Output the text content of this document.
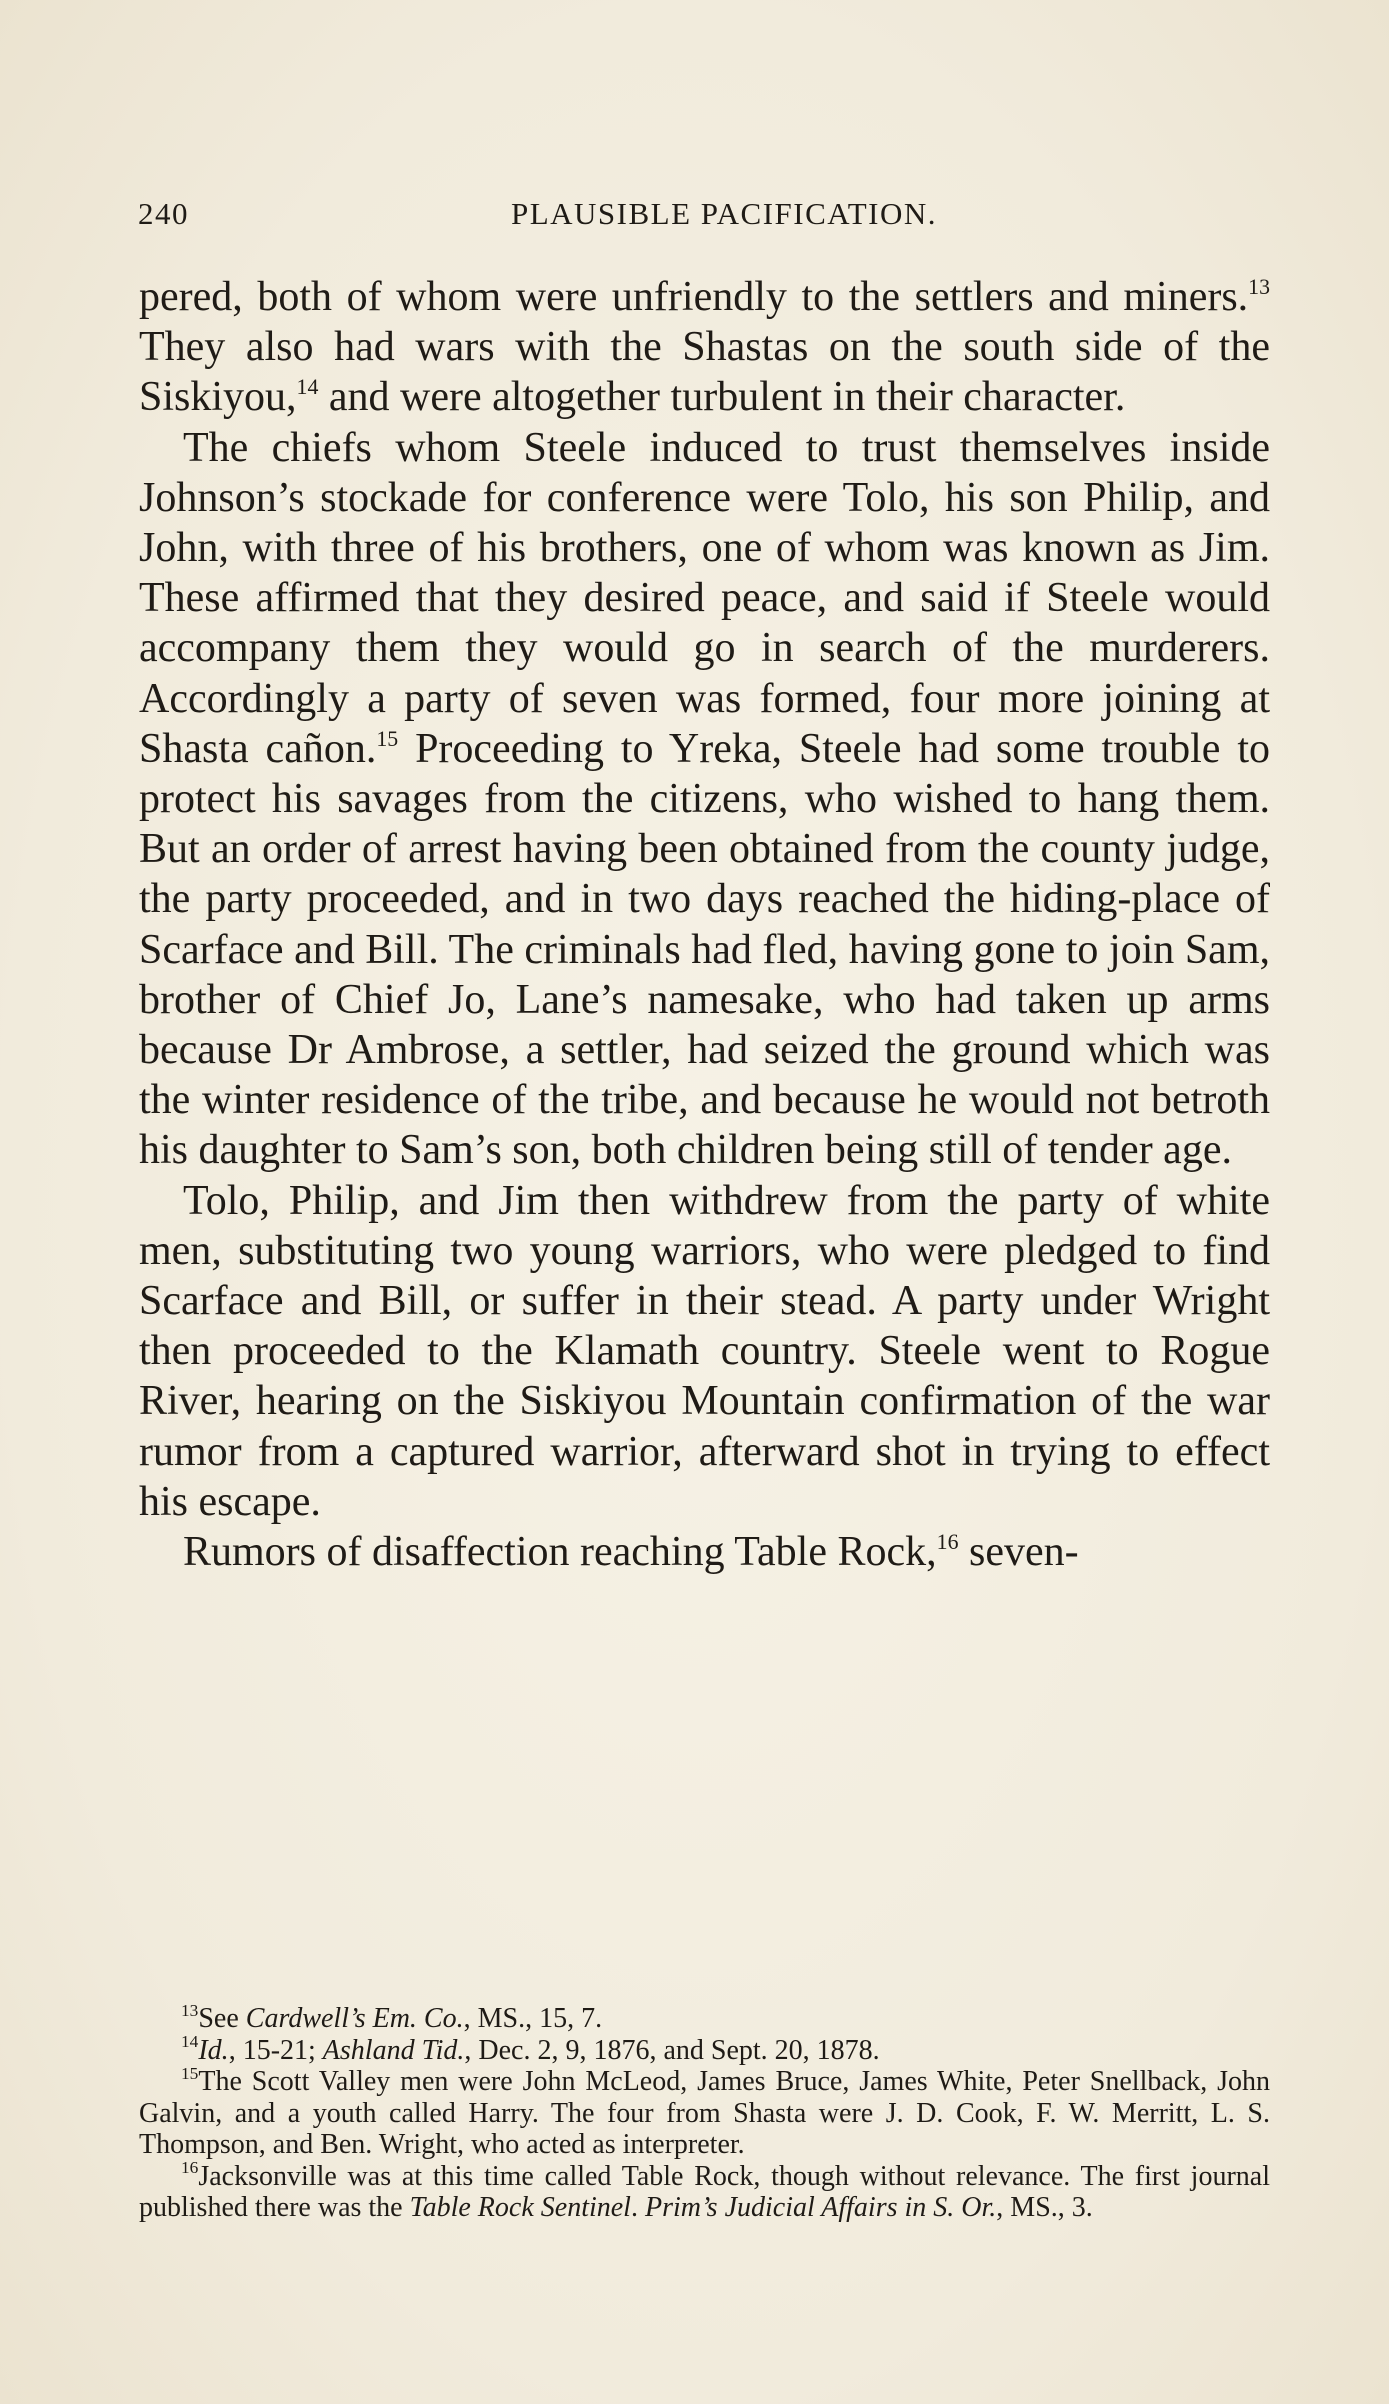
240	PLAUSIBLE PACIFICATION.

pered, both of whom were unfriendly to the settlers and miners.$^{13}$ They also had wars with the Shastas on the south side of the Siskiyou,$^{14}$ and were altogether turbulent in their character.

The chiefs whom Steele induced to trust themselves inside Johnson’s stockade for conference were Tolo, his son Philip, and John, with three of his brothers, one of whom was known as Jim. These affirmed that they desired peace, and said if Steele would accompany them they would go in search of the murderers. Accordingly a party of seven was formed, four more joining at Shasta cañon.$^{15}$ Proceeding to Yreka, Steele had some trouble to protect his savages from the citizens, who wished to hang them. But an order of arrest having been obtained from the county judge, the party proceeded, and in two days reached the hiding-place of Scarface and Bill. The criminals had fled, having gone to join Sam, brother of Chief Jo, Lane’s namesake, who had taken up arms because Dr Ambrose, a settler, had seized the ground which was the winter residence of the tribe, and because he would not betroth his daughter to Sam’s son, both children being still of tender age.

Tolo, Philip, and Jim then withdrew from the party of white men, substituting two young warriors, who were pledged to find Scarface and Bill, or suffer in their stead. A party under Wright then proceeded to the Klamath country. Steele went to Rogue River, hearing on the Siskiyou Mountain confirmation of the war rumor from a captured warrior, afterward shot in trying to effect his escape.

Rumors of disaffection reaching Table Rock,$^{16}$ seven-

$^{13}$See Cardwell’s Em. Co., MS., 15, 7.

$^{14}$Id., 15-21; Ashland Tid., Dec. 2, 9, 1876, and Sept. 20, 1878.

$^{15}$The Scott Valley men were John McLeod, James Bruce, James White, Peter Snellback, John Galvin, and a youth called Harry. The four from Shasta were J. D. Cook, F. W. Merritt, L. S. Thompson, and Ben. Wright, who acted as interpreter.

$^{16}$Jacksonville was at this time called Table Rock, though without relevance. The first journal published there was the Table Rock Sentinel. Prim’s Judicial Affairs in S. Or., MS., 3.
